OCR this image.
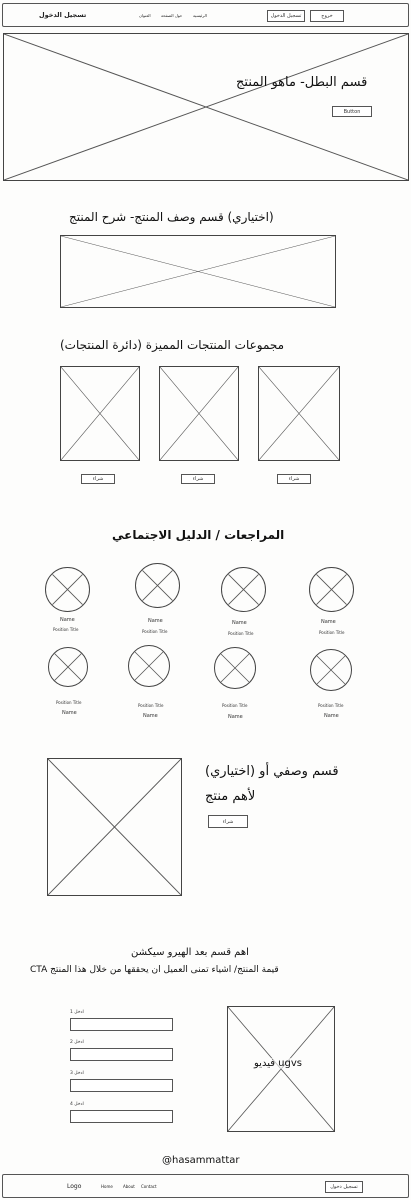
تسجيل الدخول	العنوان	حول الصفحة	الرئيسية	تسجيل الدخول	خروج
قسم البطل- ماهو المنتج
Button
(اختياري) قسم وصف المنتج- شرح المنتج
مجموعات المنتجات المميزة (دائرة المنتجات)
شراء	شراء	شراء
المراجعات / الدليل الاجتماعي
Name
Position Title
Name
Position Title
Name
Position Title
Name
Position Title
Position Title
Name
Position Title
Name
Position Title
Name
Position Title
Name
قسم وصفي أو (اختياري)
لأهم منتج
شراء
اهم قسم بعد الهيرو سيكشن
قيمة المنتج/ اشياء تمنى العميل ان يحققها من خلال هذا المنتج CTA
ادخل 1
ادخل 2
ادخل 3
ادخل 4
فيديو ugvs
@hasammattar
Logo	Home	About Contact	تسجيل دخول
